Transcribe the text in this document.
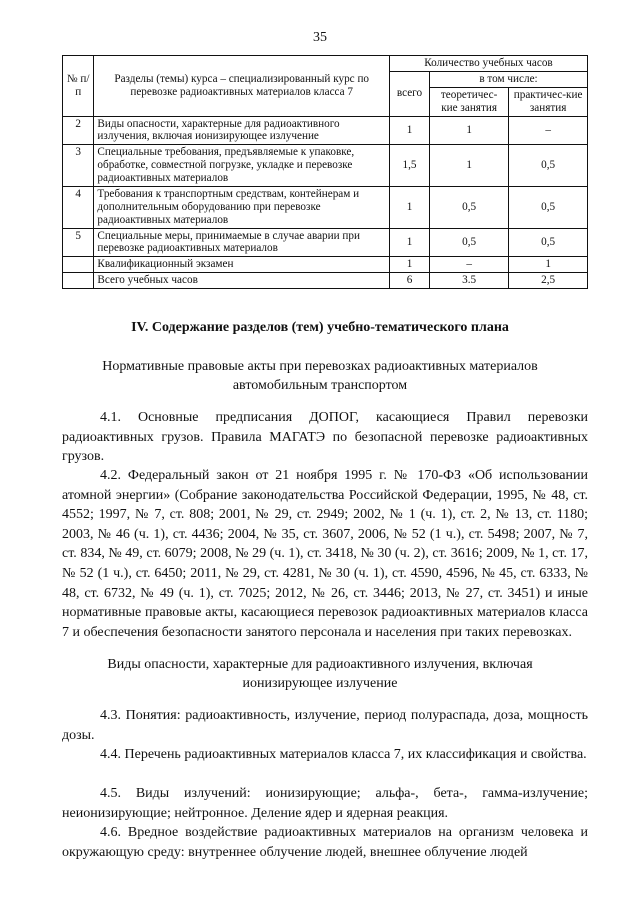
35
№ п/п	Разделы (темы) курса – специализированный курс по перевозке радиоактивных материалов класса 7	Количество учебных часов		
		всего	в том числе:	
			теоретичес-кие занятия	практичес-кие занятия
2	Виды опасности, характерные для радиоактивного излучения, включая ионизирующее излучение	1	1	–
3	Специальные требования, предъявляемые к упаковке, обработке, совместной погрузке, укладке и перевозке радиоактивных материалов	1,5	1	0,5
4	Требования к транспортным средствам, контейнерам и дополнительным оборудованию при перевозке радиоактивных материалов	1	0,5	0,5
5	Специальные меры, принимаемые в случае аварии при перевозке радиоактивных материалов	1	0,5	0,5
	Квалификационный экзамен	1	–	1
	Всего учебных часов	6	3.5	2,5
IV. Содержание разделов (тем) учебно-тематического плана
Нормативные правовые акты при перевозках радиоактивных материалов автомобильным транспортом
4.1. Основные предписания ДОПОГ, касающиеся Правил перевозки радиоактивных грузов. Правила МАГАТЭ по безопасной перевозке радиоактивных грузов.
4.2. Федеральный закон от 21 ноября 1995 г. № 170-ФЗ «Об использовании атомной энергии» (Собрание законодательства Российской Федерации, 1995, № 48, ст. 4552; 1997, № 7, ст. 808; 2001, № 29, ст. 2949; 2002, № 1 (ч. 1), ст. 2, № 13, ст. 1180; 2003, № 46 (ч. 1), ст. 4436; 2004, № 35, ст. 3607, 2006, № 52 (1 ч.), ст. 5498; 2007, № 7, ст. 834, № 49, ст. 6079; 2008, № 29 (ч. 1), ст. 3418, № 30 (ч. 2), ст. 3616; 2009, № 1, ст. 17, № 52 (1 ч.), ст. 6450; 2011, № 29, ст. 4281, № 30 (ч. 1), ст. 4590, 4596, № 45, ст. 6333, № 48, ст. 6732, № 49 (ч. 1), ст. 7025; 2012, № 26, ст. 3446; 2013, № 27, ст. 3451) и иные нормативные правовые акты, касающиеся перевозок радиоактивных материалов класса 7 и обеспечения безопасности занятого персонала и населения при таких перевозках.
Виды опасности, характерные для радиоактивного излучения, включая ионизирующее излучение
4.3. Понятия: радиоактивность, излучение, период полураспада, доза, мощность дозы.
4.4. Перечень радиоактивных материалов класса 7, их классификация и свойства.
4.5. Виды излучений: ионизирующие; альфа-, бета-, гамма-излучение; неионизирующие; нейтронное. Деление ядер и ядерная реакция.
4.6. Вредное воздействие радиоактивных материалов на организм человека и окружающую среду: внутреннее облучение людей, внешнее облучение людей
